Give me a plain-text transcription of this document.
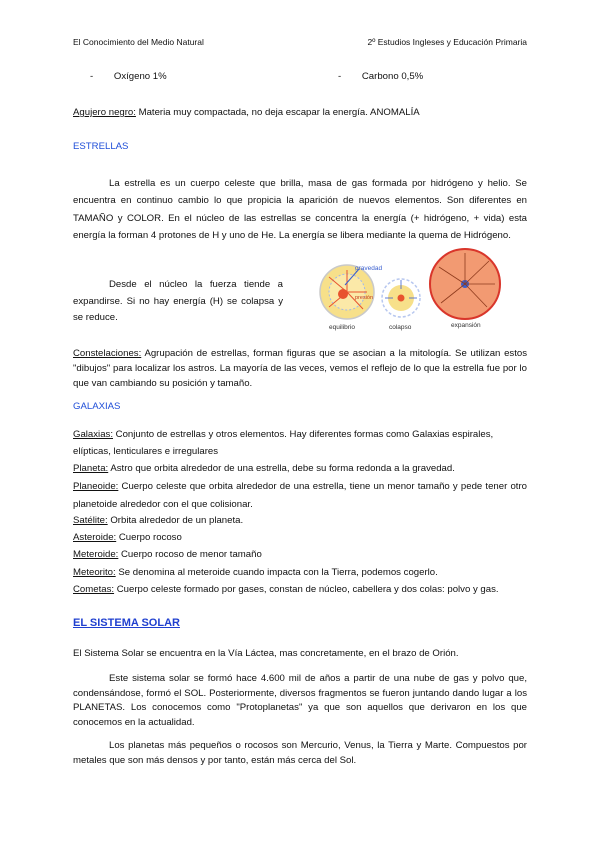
El Conocimiento del Medio Natural	2º Estudios Ingleses y Educación Primaria
- Oxígeno 1%	- Carbono 0,5%
Agujero negro: Materia muy compactada, no deja escapar la energía. ANOMALÍA
ESTRELLAS
La estrella es un cuerpo celeste que brilla, masa de gas formada por hidrógeno y helio. Se encuentra en continuo cambio lo que propicia la aparición de nuevos elementos. Son diferentes en TAMAÑO y COLOR. En el núcleo de las estrellas se concentra la energía (+ hidrógeno, + vida) esta energía la forman 4 protones de H y uno de He. La energía se libera mediante la quema de Hidrógeno.
Desde el núcleo la fuerza tiende a expandirse. Si no hay energía (H) se colapsa y se reduce.
gravedad
presión
equilibrio	colapso	expansión
Constelaciones: Agrupación de estrellas, forman figuras que se asocian a la mitología. Se utilizan estos "dibujos" para localizar los astros. La mayoría de las veces, vemos el reflejo de lo que la estrella fue por lo que van cambiando su posición y tamaño.
GALAXIAS
Galaxias: Conjunto de estrellas y otros elementos. Hay diferentes formas como Galaxias espirales, elípticas, lenticulares e irregulares
Planeta: Astro que orbita alrededor de una estrella, debe su forma redonda a la gravedad.
Planeoide: Cuerpo celeste que orbita alrededor de una estrella, tiene un menor tamaño y pede tener otro planetoide alrededor con el que colisionar.
Satélite: Orbita alrededor de un planeta.
Asteroide: Cuerpo rocoso
Meteroide: Cuerpo rocoso de menor tamaño
Meteorito: Se denomina al meteroide cuando impacta con la Tierra, podemos cogerlo.
Cometas: Cuerpo celeste formado por gases, constan de núcleo, cabellera y dos colas: polvo y gas.
EL SISTEMA SOLAR
El Sistema Solar se encuentra en la Vía Láctea, mas concretamente, en el brazo de Orión.
Este sistema solar se formó hace 4.600 mil de años a partir de una nube de gas y polvo que, condensándose, formó el SOL. Posteriormente, diversos fragmentos se fueron juntando dando lugar a los PLANETAS. Los conocemos como "Protoplanetas" ya que son aquellos que derivaron en los que conocemos en la actualidad.
Los planetas más pequeños o rocosos son Mercurio, Venus, la Tierra y Marte. Compuestos por metales que son más densos y por tanto, están más cerca del Sol.
